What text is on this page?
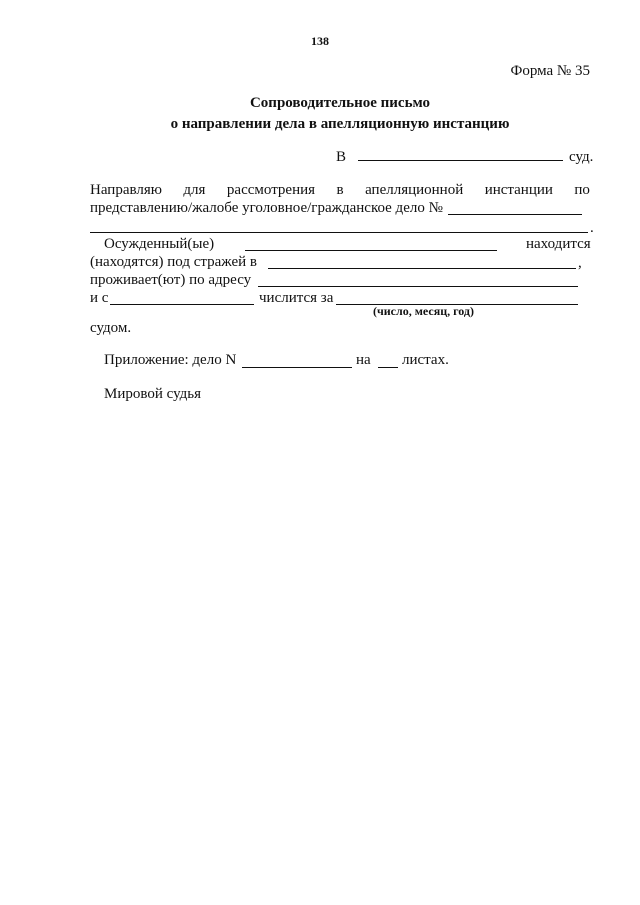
138
Форма № 35
Сопроводительное письмо
о направлении дела в апелляционную инстанцию
В	суд.
Направляю для рассмотрения в апелляционной инстанции по
представлению/жалобе уголовное/гражданское дело №
.
Осужденный(ые)	находится
(находятся) под стражей в	,
проживает(ют) по адресу
и с	числится за
(число, месяц, год)
судом.
Приложение: дело N	на листах.
Мировой судья
